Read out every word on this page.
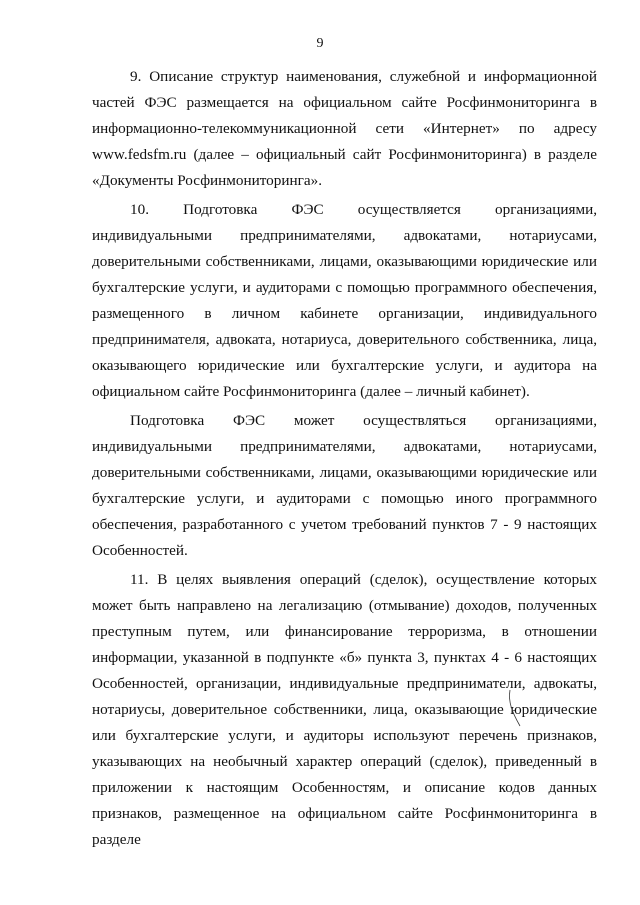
9

9. Описание структур наименования, служебной и информационной частей ФЭС размещается на официальном сайте Росфинмониторинга в информационно-телекоммуникационной сети «Интернет» по адресу www.fedsfm.ru (далее – официальный сайт Росфинмониторинга) в разделе «Документы Росфинмониторинга».

10. Подготовка ФЭС осуществляется организациями, индивидуальными предпринимателями, адвокатами, нотариусами, доверительными собственниками, лицами, оказывающими юридические или бухгалтерские услуги, и аудиторами с помощью программного обеспечения, размещенного в личном кабинете организации, индивидуального предпринимателя, адвоката, нотариуса, доверительного собственника, лица, оказывающего юридические или бухгалтерские услуги, и аудитора на официальном сайте Росфинмониторинга (далее – личный кабинет).

Подготовка ФЭС может осуществляться организациями, индивидуальными предпринимателями, адвокатами, нотариусами, доверительными собственниками, лицами, оказывающими юридические или бухгалтерские услуги, и аудиторами с помощью иного программного обеспечения, разработанного с учетом требований пунктов 7 - 9 настоящих Особенностей.

11. В целях выявления операций (сделок), осуществление которых может быть направлено на легализацию (отмывание) доходов, полученных преступным путем, или финансирование терроризма, в отношении информации, указанной в подпункте «б» пункта 3, пунктах 4 - 6 настоящих Особенностей, организации, индивидуальные предприниматели, адвокаты, нотариусы, доверительное собственники, лица, оказывающие юридические или бухгалтерские услуги, и аудиторы используют перечень признаков, указывающих на необычный характер операций (сделок), приведенный в приложении к настоящим Особенностям, и описание кодов данных признаков, размещенное на официальном сайте Росфинмониторинга в разделе
